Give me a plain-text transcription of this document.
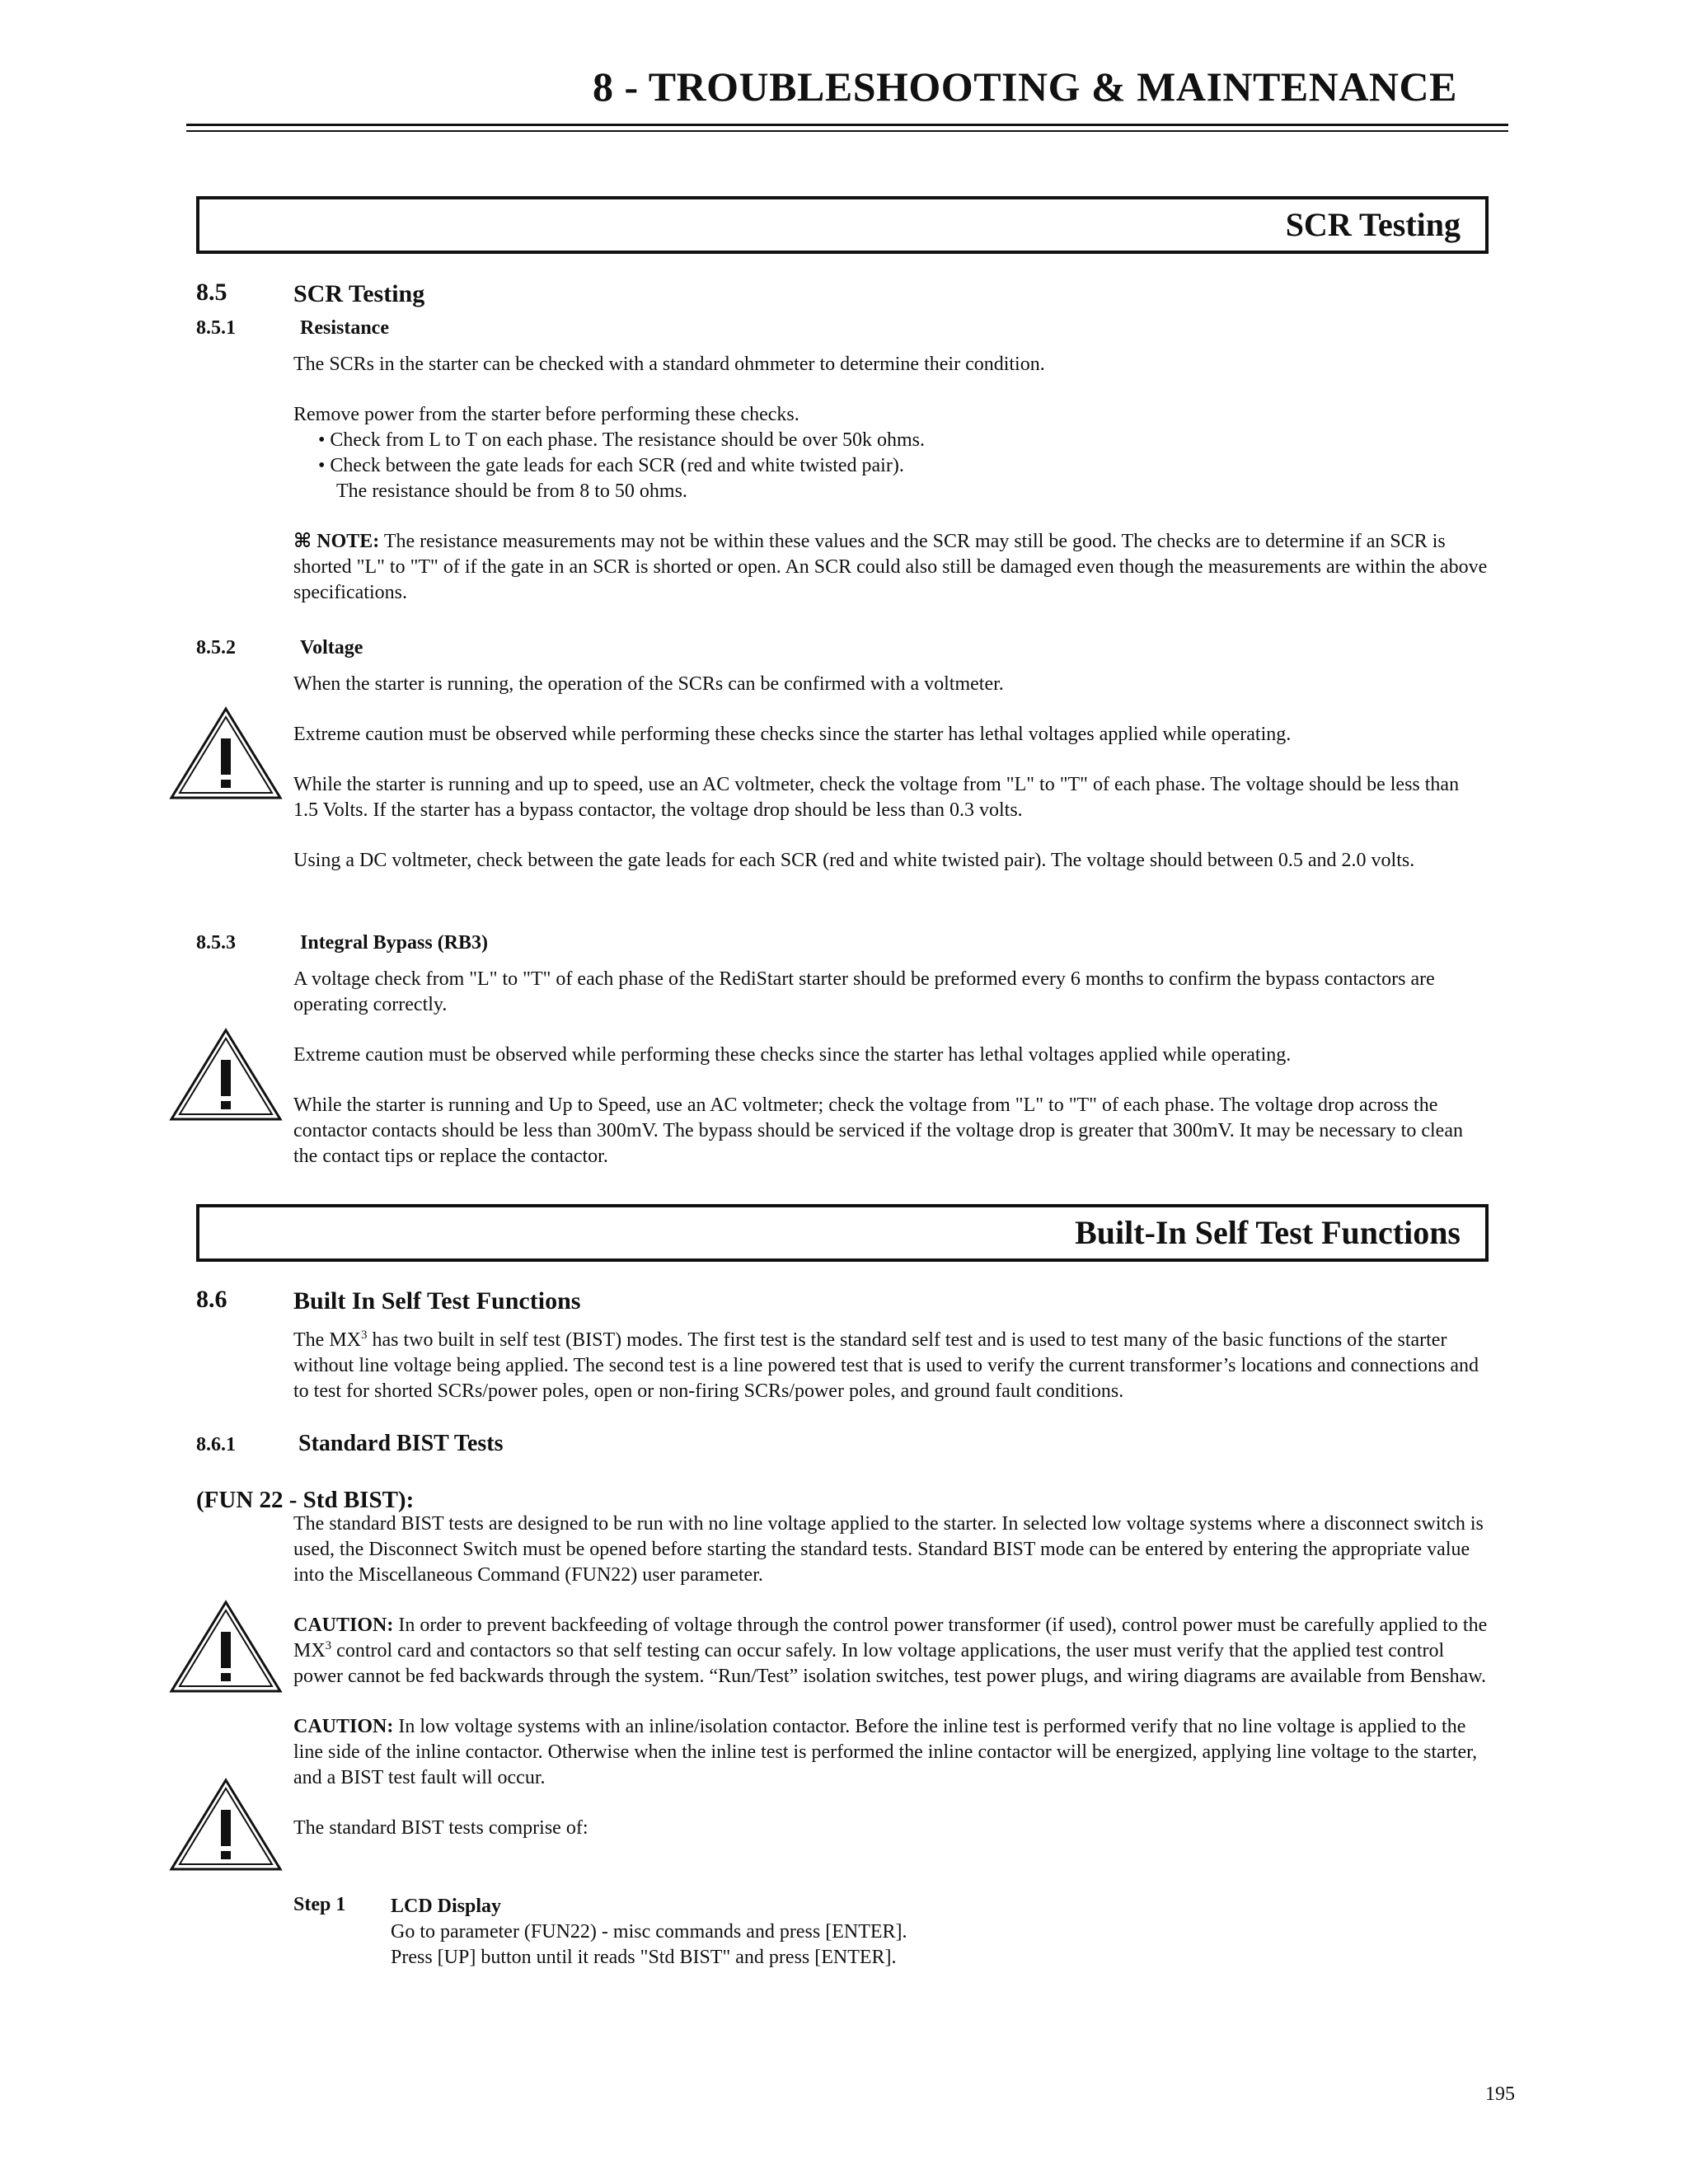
8 - TROUBLESHOOTING & MAINTENANCE
SCR Testing
8.5	SCR Testing
8.5.1	Resistance

The SCRs in the starter can be checked with a standard ohmmeter to determine their condition.

Remove power from the starter before performing these checks.

• Check from L to T on each phase. The resistance should be over 50k ohms.

• Check between the gate leads for each SCR (red and white twisted pair).

The resistance should be from 8 to 50 ohms.

⌘ NOTE: The resistance measurements may not be within these values and the SCR may still be good. The checks are to determine if an SCR is shorted "L" to "T" of if the gate in an SCR is shorted or open. An SCR could also still be damaged even though the measurements are within the above specifications.

8.5.2	Voltage

When the starter is running, the operation of the SCRs can be confirmed with a voltmeter.

Extreme caution must be observed while performing these checks since the starter has lethal voltages applied while operating.

While the starter is running and up to speed, use an AC voltmeter, check the voltage from "L" to "T" of each phase. The voltage should be less than 1.5 Volts. If the starter has a bypass contactor, the voltage drop should be less than 0.3 volts.

Using a DC voltmeter, check between the gate leads for each SCR (red and white twisted pair). The voltage should between 0.5 and 2.0 volts.

8.5.3	Integral Bypass (RB3)

A voltage check from "L" to "T" of each phase of the RediStart starter should be preformed every 6 months to confirm the bypass contactors are operating correctly.

Extreme caution must be observed while performing these checks since the starter has lethal voltages applied while operating.

While the starter is running and Up to Speed, use an AC voltmeter; check the voltage from "L" to "T" of each phase. The voltage drop across the contactor contacts should be less than 300mV. The bypass should be serviced if the voltage drop is greater that 300mV. It may be necessary to clean the contact tips or replace the contactor.

Built-In Self Test Functions
8.6	Built In Self Test Functions

The $MX^3$ has two built in self test (BIST) modes. The first test is the standard self test and is used to test many of the basic functions of the starter without line voltage being applied. The second test is a line powered test that is used to verify the current transformer’s locations and connections and to test for shorted SCRs/power poles, open or non-firing SCRs/power poles, and ground fault conditions.

8.6.1	Standard BIST Tests
(FUN 22 - Std BIST):

The standard BIST tests are designed to be run with no line voltage applied to the starter. In selected low voltage systems where a disconnect switch is used, the Disconnect Switch must be opened before starting the standard tests. Standard BIST mode can be entered by entering the appropriate value into the Miscellaneous Command (FUN22) user parameter.

CAUTION: In order to prevent backfeeding of voltage through the control power transformer (if used), control power must be carefully applied to the $MX^3$ control card and contactors so that self testing can occur safely. In low voltage applications, the user must verify that the applied test control power cannot be fed backwards through the system. “Run/Test” isolation switches, test power plugs, and wiring diagrams are available from Benshaw.

CAUTION: In low voltage systems with an inline/isolation contactor. Before the inline test is performed verify that no line voltage is applied to the line side of the inline contactor. Otherwise when the inline test is performed the inline contactor will be energized, applying line voltage to the starter, and a BIST test fault will occur.

The standard BIST tests comprise of:

Step 1 LCD Display

Go to parameter (FUN22) - misc commands and press [ENTER].

Press [UP] button until it reads "Std BIST" and press [ENTER].

195
